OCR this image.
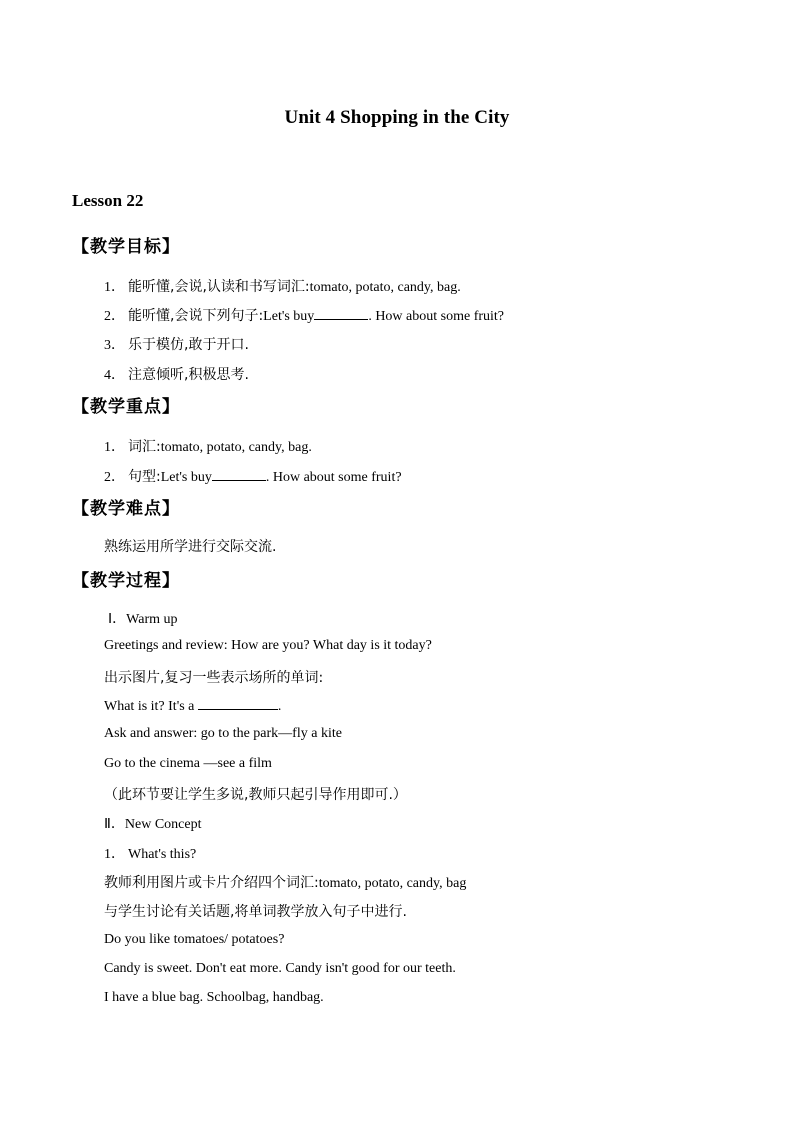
Unit 4 Shopping in the City
Lesson 22
【教学目标】
1． 能听懂,会说,认读和书写词汇:tomato, potato, candy, bag.
2． 能听懂,会说下列句子:Let's buy	. How about some fruit?
3． 乐于模仿,敢于开口.
4． 注意倾听,积极思考.
【教学重点】
1． 词汇:tomato, potato, candy, bag.
2． 句型:Let's buy	. How about some fruit?
【教学难点】
熟练运用所学进行交际交流.
【教学过程】
Ⅰ．Warm up
Greetings and review: How are you? What day is it today?
出示图片,复习一些表示场所的单词:
What is it? It's a	.
Ask and answer: go to the park—fly a kite
Go to the cinema —see a film
（此环节要让学生多说,教师只起引导作用即可.）
Ⅱ．New Concept
1． What's this?
教师利用图片或卡片介绍四个词汇:tomato, potato, candy, bag
与学生讨论有关话题,将单词教学放入句子中进行.
Do you like tomatoes/ potatoes?
Candy is sweet. Don't eat more. Candy isn't good for our teeth.
I have a blue bag. Schoolbag, handbag.
